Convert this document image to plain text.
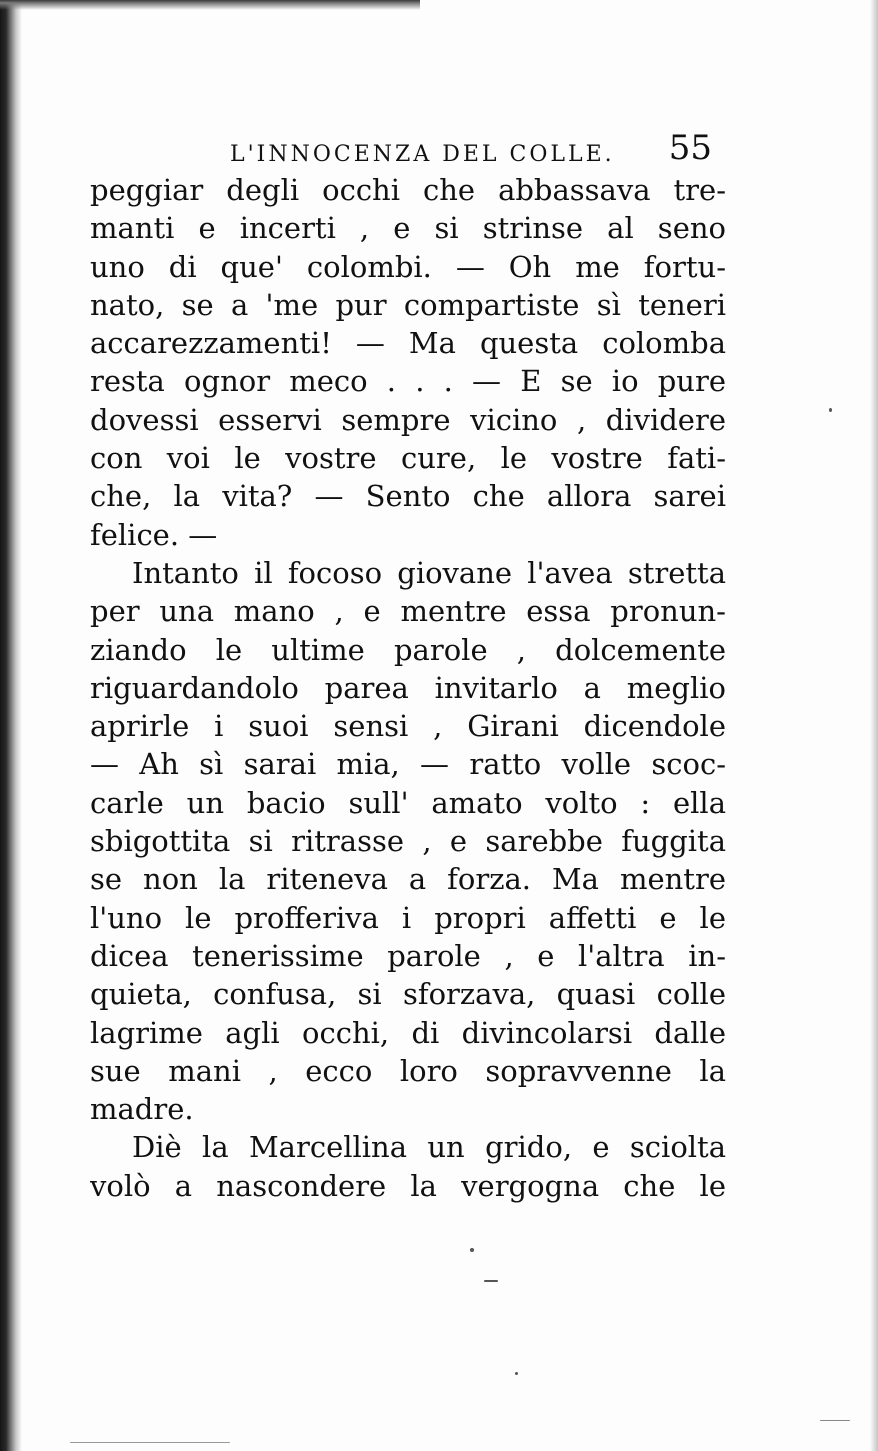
L'INNOCENZA DEL COLLE. 55
peggiar degli occhi che abbassava tre-
manti e incerti , e si strinse al seno
uno di que' colombi. — Oh me fortu-
nato, se a 'me pur compartiste sì teneri
accarezzamenti! — Ma questa colomba
resta ognor meco . . . — E se io pure
dovessi esservi sempre vicino , dividere
con voi le vostre cure, le vostre fati-
che, la vita? — Sento che allora sarei
felice. —
Intanto il focoso giovane l'avea stretta
per una mano , e mentre essa pronun-
ziando le ultime parole , dolcemente
riguardandolo parea invitarlo a meglio
aprirle i suoi sensi , Girani dicendole
— Ah sì sarai mia, — ratto volle scoc-
carle un bacio sull' amato volto : ella
sbigottita si ritrasse , e sarebbe fuggita
se non la riteneva a forza. Ma mentre
l'uno le profferiva i propri affetti e le
dicea tenerissime parole , e l'altra in-
quieta, confusa, si sforzava, quasi colle
lagrime agli occhi, di divincolarsi dalle
sue mani , ecco loro sopravvenne la
madre.
Diè la Marcellina un grido, e sciolta
volò a nascondere la vergogna che le
